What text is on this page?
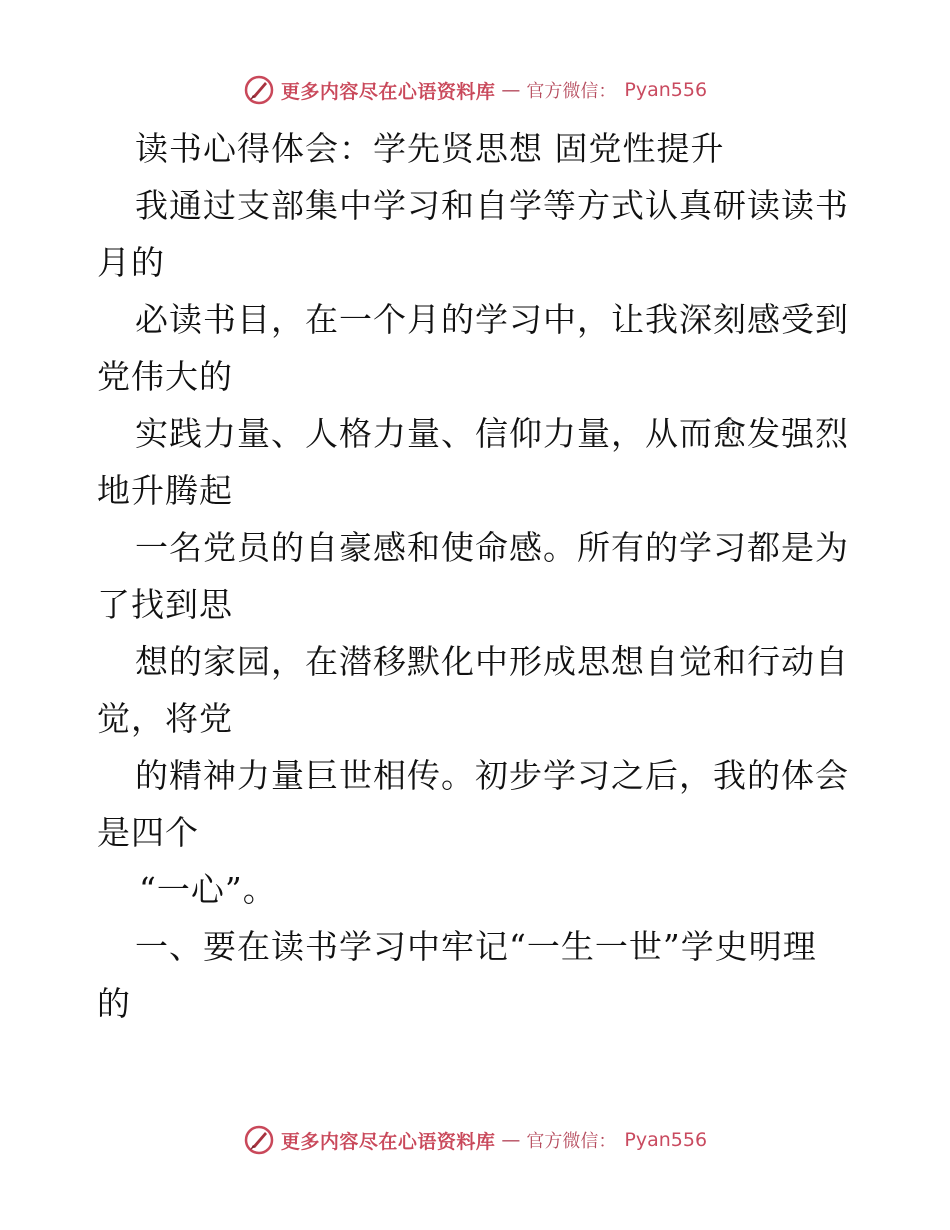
更多内容尽在心语资料库 — 官方微信： Pyan556
读书心得体会：学先贤思想 固党性提升
我通过支部集中学习和自学等方式认真研读读书
月的
必读书目，在一个月的学习中，让我深刻感受到
党伟大的
实践力量、人格力量、信仰力量，从而愈发强烈
地升腾起
一名党员的自豪感和使命感。所有的学习都是为
了找到思
想的家园，在潜移默化中形成思想自觉和行动自
觉，将党
的精神力量巨世相传。初步学习之后，我的体会
是四个
“一心”。
一、要在读书学习中牢记“一生一世”学史明理
的
更多内容尽在心语资料库 — 官方微信： Pyan556
